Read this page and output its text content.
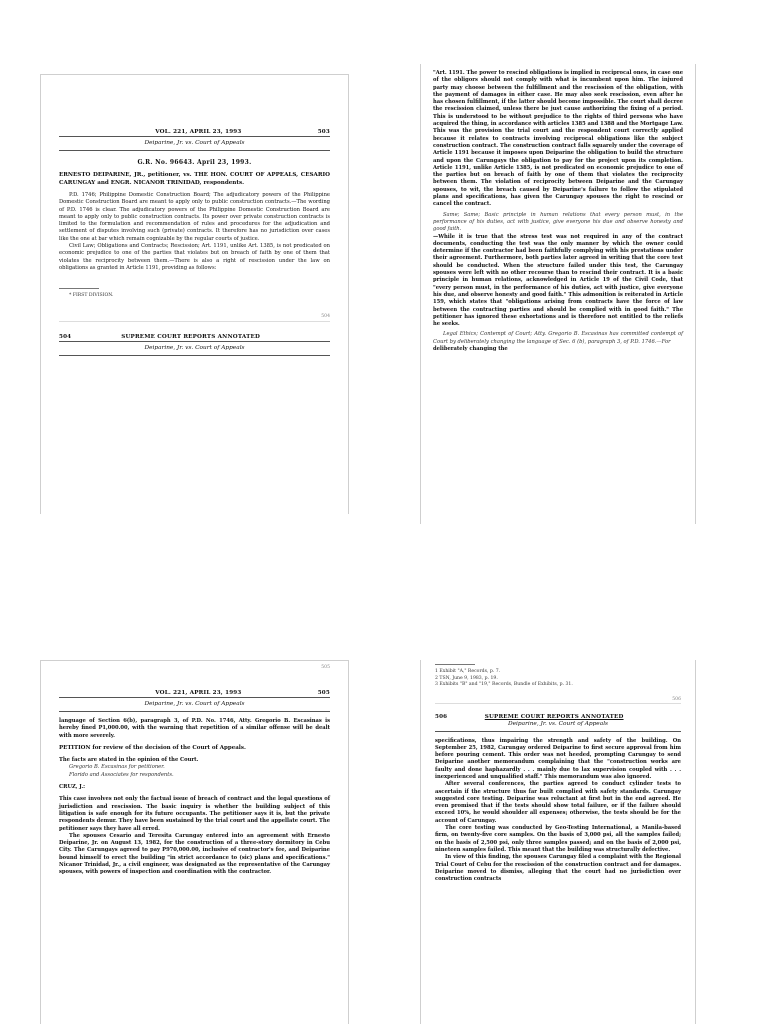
VOL. 221, APRIL 23, 1993	503
Deiparine, Jr. vs. Court of Appeals
G.R. No. 96643. April 23, 1993.

ERNESTO DEIPARINE, JR., petitioner, vs. THE HON. COURT OF APPEALS, CESARIO CARUNGAY and ENGR. NICANOR TRINIDAD, respondents.

P.D. 1746; Philippine Domestic Construction Board; The adjudicatory powers of the Philippine Domestic Construction Board are meant to apply only to public construction contracts.—The wording of P.D. 1746 is clear. The adjudicatory powers of the Philippine Domestic Construction Board are meant to apply only to public construction contracts. Its power over private construction contracts is limited to the formulation and recommendation of rules and procedures for the adjudication and settlement of disputes involving such (private) contracts. It therefore has no jurisdiction over cases like the one at bar which remain cognizable by the regular courts of justice.

Civil Law; Obligations and Contracts; Rescission; Art. 1191, unlike Art. 1385, is not predicated on economic prejudice to one of the parties that violates but on breach of faith by one of them that violates the reciprocity between them.—There is also a right of rescission under the law on obligations as granted in Article 1191, providing as follows:

* FIRST DIVISION.
504
504	SUPREME COURT REPORTS ANNOTATED
Deiparine, Jr. vs. Court of Appeals

"Art. 1191. The power to rescind obligations is implied in reciprocal ones, in case one of the obligors should not comply with what is incumbent upon him. The injured party may choose between the fulfillment and the rescission of the obligation, with the payment of damages in either case. He may also seek rescission, even after he has chosen fulfillment, if the latter should become impossible. The court shall decree the rescission claimed, unless there be just cause authorizing the fixing of a period. This is understood to be without prejudice to the rights of third persons who have acquired the thing, in accordance with articles 1385 and 1388 and the Mortgage Law. This was the provision the trial court and the respondent court correctly applied because it relates to contracts involving reciprocal obligations like the subject construction contract. The construction contract falls squarely under the coverage of Article 1191 because it imposes upon Deiparine the obligation to build the structure and upon the Carungays the obligation to pay for the project upon its completion. Article 1191, unlike Article 1385, is not predicated on economic prejudice to one of the parties but on breach of faith by one of them that violates the reciprocity between them. The violation of reciprocity between Deiparine and the Carungay spouses, to wit, the breach caused by Deiparine's failure to follow the stipulated plans and specifications, has given the Carungay spouses the right to rescind or cancel the contract.

Same; Same; Basic principle in human relations that every person must, in the performance of his duties, act with justice, give everyone his due and observe honesty and good faith.

—While it is true that the stress test was not required in any of the contract documents, conducting the test was the only manner by which the owner could determine if the contractor had been faithfully complying with his prestations under their agreement. Furthermore, both parties later agreed in writing that the core test should be conducted. When the structure failed under this test, the Carungay spouses were left with no other recourse than to rescind their contract. It is a basic principle in human relations, acknowledged in Article 19 of the Civil Code, that "every person must, in the performance of his duties, act with justice, give everyone his due, and observe honesty and good faith." This admonition is reiterated in Article 159, which states that "obligations arising from contracts have the force of law between the contracting parties and should be complied with in good faith." The petitioner has ignored these exhortations and is therefore not entitled to the reliefs he seeks.

Legal Ethics; Contempt of Court; Atty. Gregorio B. Escasinas has committed contempt of Court by deliberately changing the language of Sec. 6 (b), paragraph 3, of P.D. 1746.—For

deliberately changing the

505
VOL. 221, APRIL 23, 1993	505
Deiparine, Jr. vs. Court of Appeals

language of Section 6(b), paragraph 3, of P.D. No. 1746, Atty. Gregorio B. Escasinas is hereby fined P1,000.00, with the warning that repetition of a similar offense will be dealt with more severely.

PETITION for review of the decision of the Court of Appeals.

The facts are stated in the opinion of the Court.

Gregorio B. Escasinas for petitioner.

Florido and Associates for respondents.

CRUZ, J.:

This case involves not only the factual issue of breach of contract and the legal questions of jurisdiction and rescission. The basic inquiry is whether the building subject of this litigation is safe enough for its future occupants. The petitioner says it is, but the private respondents demur. They have been sustained by the trial court and the appellate court. The petitioner says they have all erred.

The spouses Cesario and Teresita Carungay entered into an agreement with Ernesto Deiparine, Jr. on August 13, 1982, for the construction of a three-story dormitory in Cebu City. The Carungays agreed to pay P970,000.00, inclusive of contractor's fee, and Deiparine bound himself to erect the building "in strict accordance to (sic) plans and specifications." Nicanor Trinidad, Jr., a civil engineer, was designated as the representative of the Carungay spouses, with powers of inspection and coordination with the contractor.

1 Exhibit "A," Records, p. 7.
2 TSN, June 9, 1983, p. 19.
3 Exhibits "B" and "19," Records, Bundle of Exhibits, p. 31.
506
506	SUPREME COURT REPORTS ANNOTATED
Deiparine, Jr. vs. Court of Appeals

specifications, thus impairing the strength and safety of the building. On September 25, 1982, Carungay ordered Deiparine to first secure approval from him before pouring cement. This order was not heeded, prompting Carungay to send Deiparine another memorandum complaining that the "construction works are faulty and done haphazardly . . . mainly due to lax supervision coupled with . . . inexperienced and unqualified staff." This memorandum was also ignored.

After several conferences, the parties agreed to conduct cylinder tests to ascertain if the structure thus far built complied with safety standards. Carungay suggested core testing. Deiparine was reluctant at first but in the end agreed. He even promised that if the tests should show total failure, or if the failure should exceed 10%, he would shoulder all expenses; otherwise, the tests should be for the account of Carungay.

The core testing was conducted by Geo-Testing International, a Manila-based firm, on twenty-five core samples. On the basis of 3,000 psi, all the samples failed; on the basis of 2,500 psi, only three samples passed; and on the basis of 2,000 psi, nineteen samples failed. This meant that the building was structurally defective.

In view of this finding, the spouses Carungay filed a complaint with the Regional Trial Court of Cebu for the rescission of the construction contract and for damages. Deiparine moved to dismiss, alleging that the court had no jurisdiction over construction contracts
